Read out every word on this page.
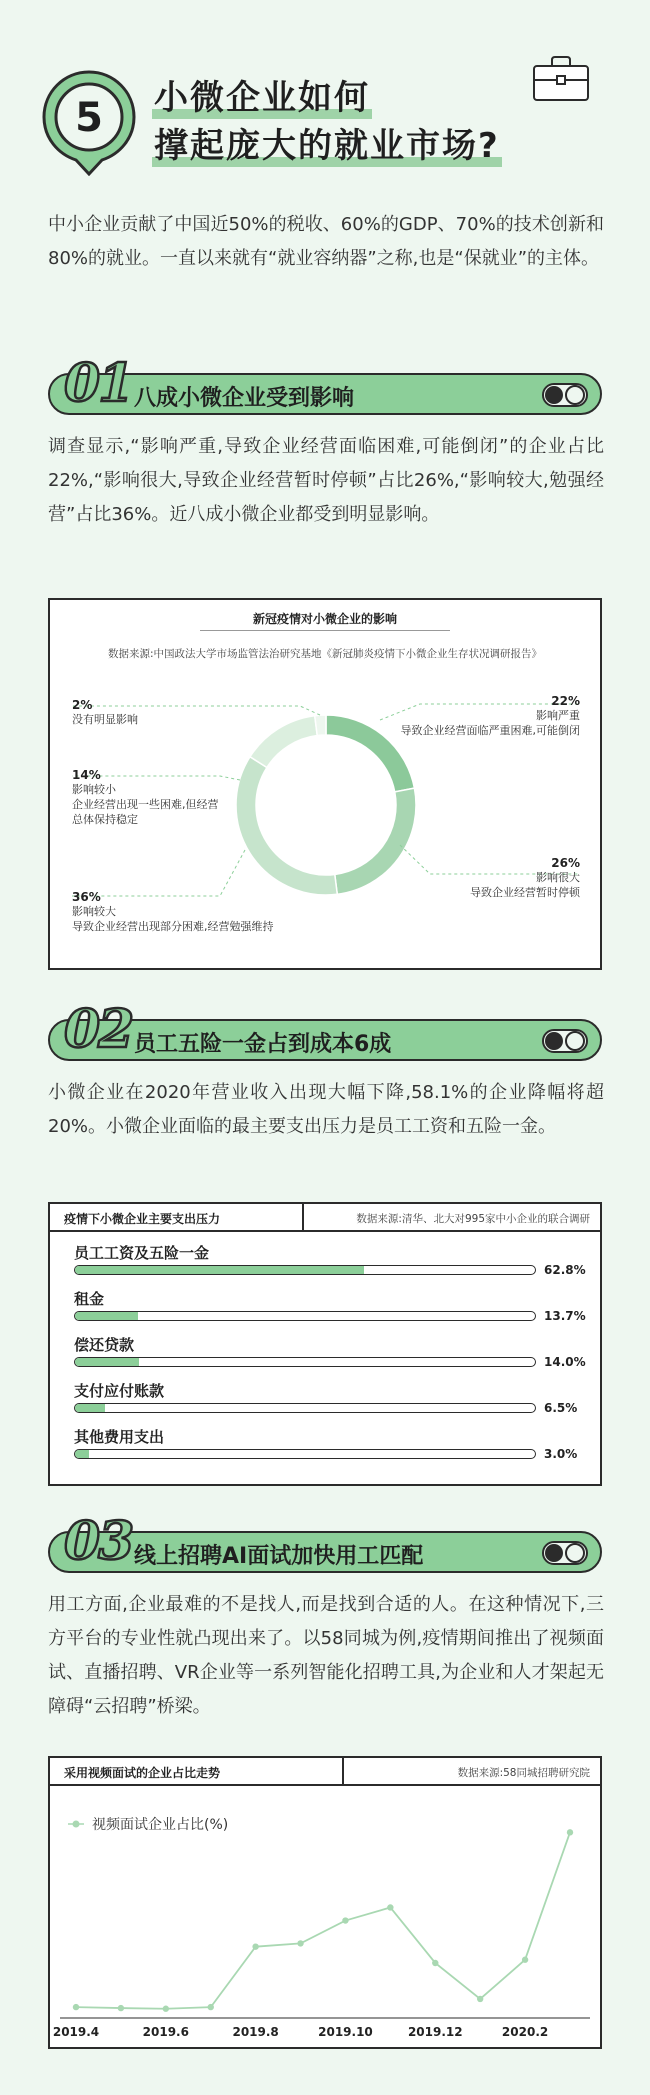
5 小微企业如何
撑起庞大的就业市场?

中小企业贡献了中国近50%的税收、60%的GDP、70%的技术创新和80%的就业。一直以来就有“就业容纳器”之称,也是“保就业”的主体。

01 八成小微企业受到影响

调查显示,“影响严重,导致企业经营面临困难,可能倒闭”的企业占比22%,“影响很大,导致企业经营暂时停顿”占比26%,“影响较大,勉强经营”占比36%。近八成小微企业都受到明显影响。

新冠疫情对小微企业的影响
数据来源:中国政法大学市场监管法治研究基地《新冠肺炎疫情下小微企业生存状况调研报告》
2%
没有明显影响
14%
影响较小
企业经营出现一些困难,但经营总体保持稳定
36%
影响较大
导致企业经营出现部分困难,经营勉强维持
22%
影响严重
导致企业经营面临严重困难,可能倒闭
26%
影响很大
导致企业经营暂时停顿
02 员工五险一金占到成本6成

小微企业在2020年营业收入出现大幅下降,58.1%的企业降幅将超20%。小微企业面临的最主要支出压力是员工工资和五险一金。

疫情下小微企业主要支出压力	数据来源:清华、北大对995家中小企业的联合调研
员工工资及五险一金
62.8%
租金
13.7%
偿还贷款
14.0%
支付应付账款
6.5%
其他费用支出
3.0%
03 线上招聘AI面试加快用工匹配

用工方面,企业最难的不是找人,而是找到合适的人。在这种情况下,三方平台的专业性就凸现出来了。以58同城为例,疫情期间推出了视频面试、直播招聘、VR企业等一系列智能化招聘工具,为企业和人才架起无障碍“云招聘”桥梁。

采用视频面试的企业占比走势	数据来源:58同城招聘研究院
视频面试企业占比(%)
2019.4	2019.6	2019.8	2019.10	2019.12	2020.2
